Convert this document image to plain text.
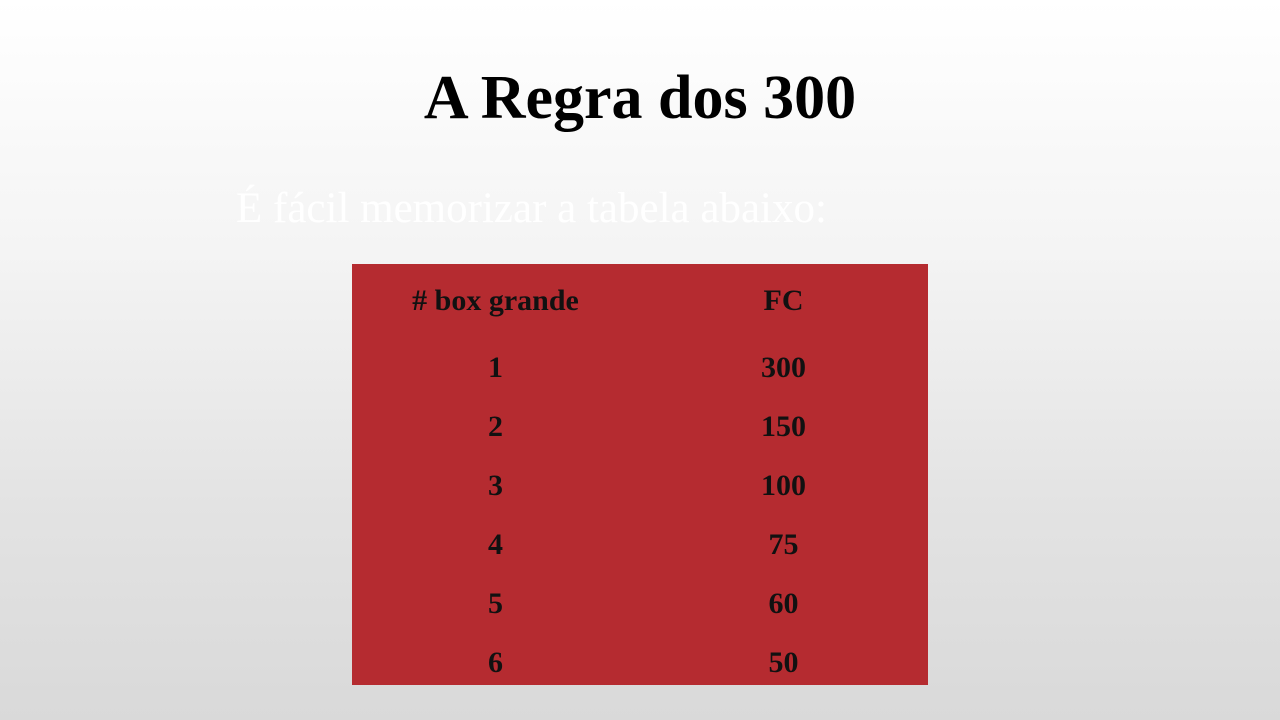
A Regra dos 300
É fácil memorizar a tabela abaixo:
# box grande	FC
1	300
2	150
3	100
4	75
5	60
6	50
